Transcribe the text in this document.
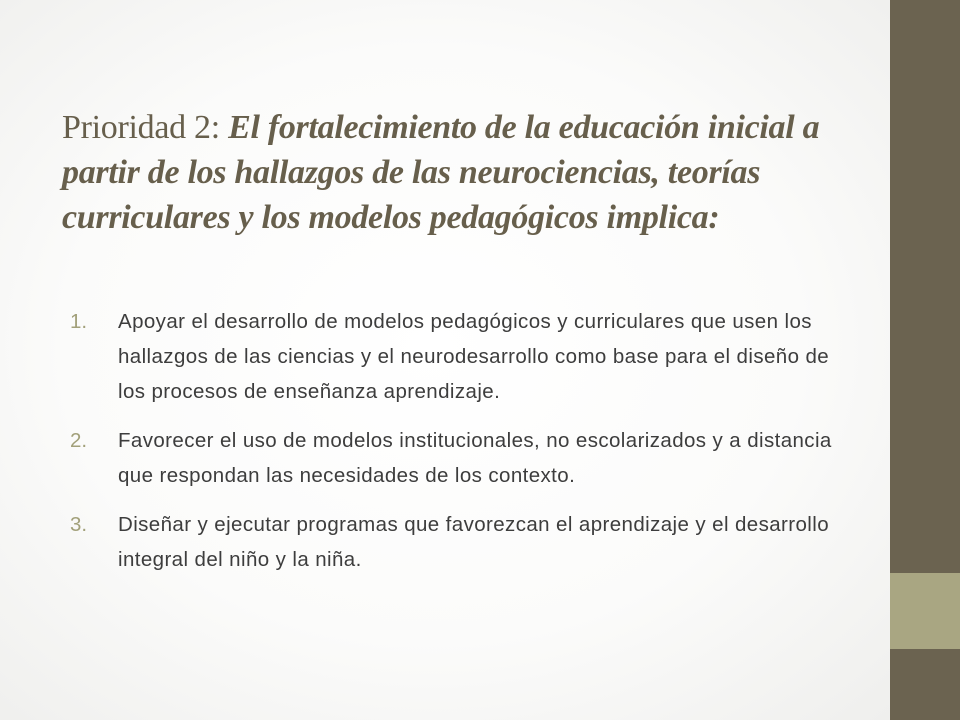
Prioridad 2: El fortalecimiento de la educación inicial a partir de los hallazgos de las neurociencias, teorías curriculares y los modelos pedagógicos implica:
1.	Apoyar el desarrollo de modelos pedagógicos y curriculares que usen los hallazgos de las ciencias y el neurodesarrollo como base para el diseño de los procesos de enseñanza aprendizaje.
2.	Favorecer el uso de modelos institucionales, no escolarizados y a distancia que respondan las necesidades de los contexto.
3.	Diseñar y ejecutar programas que favorezcan el aprendizaje y el desarrollo integral del niño y la niña.
